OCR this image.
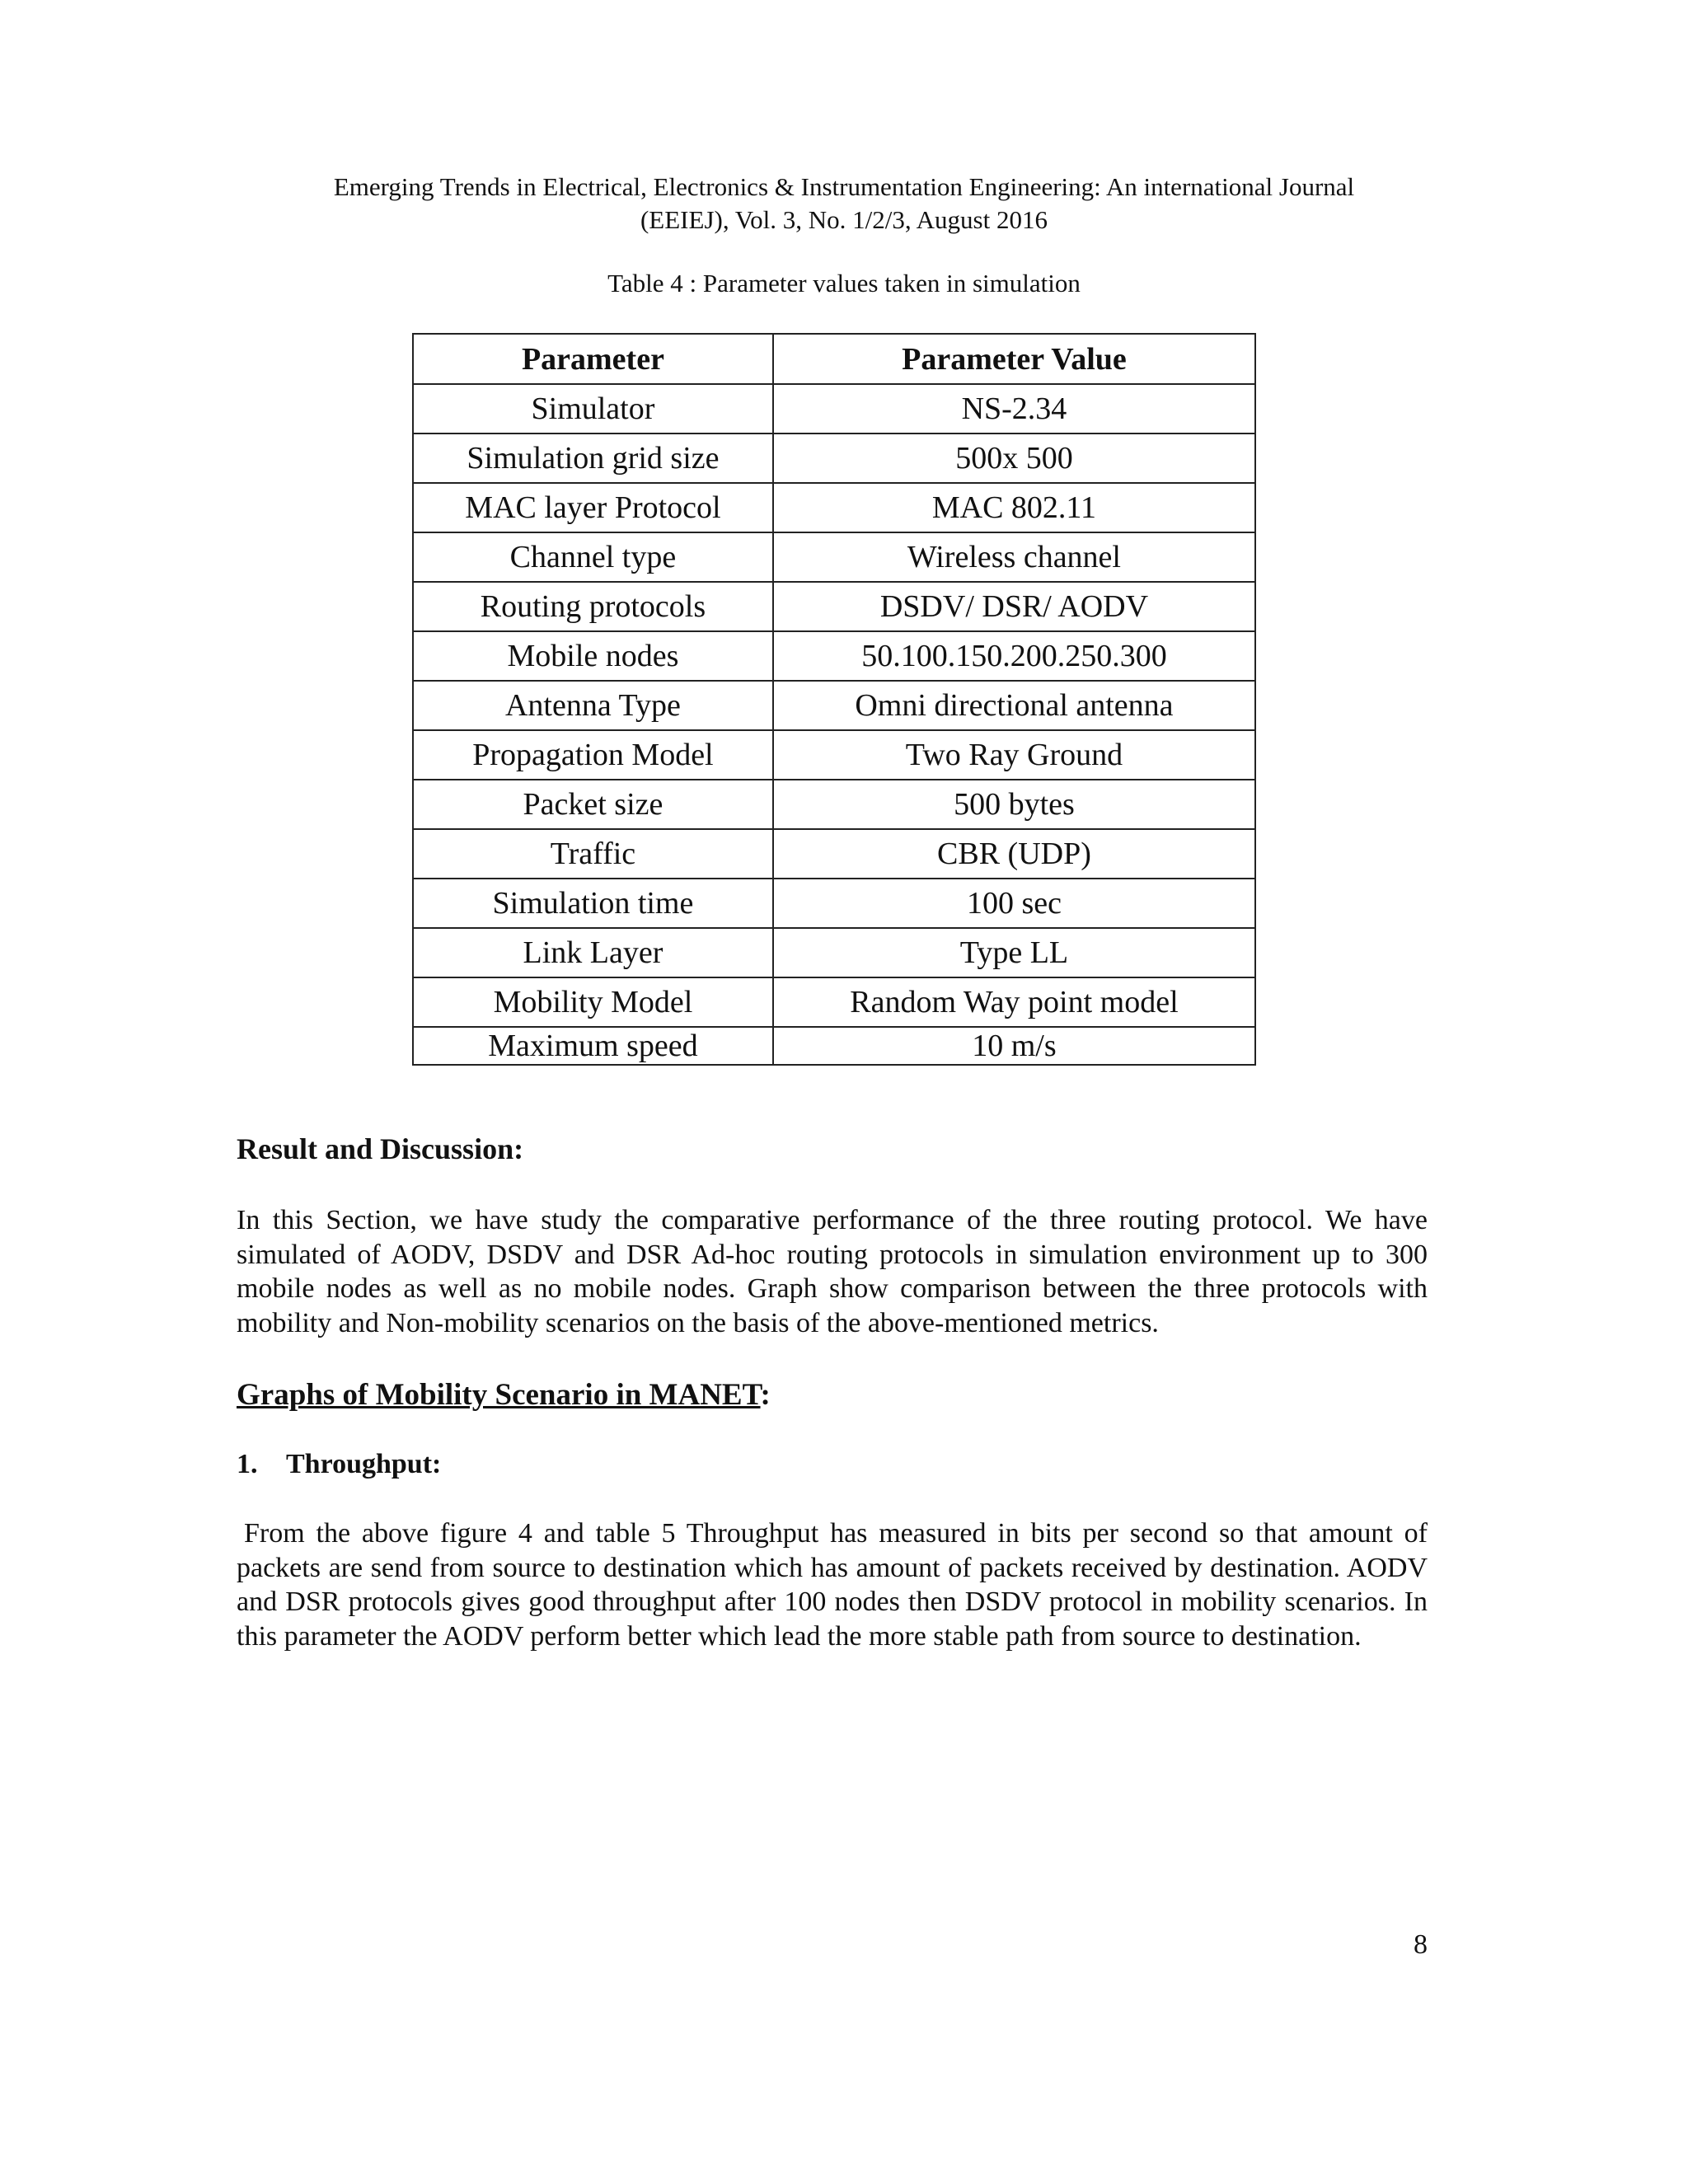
Emerging Trends in Electrical, Electronics & Instrumentation Engineering: An international Journal
(EEIEJ), Vol. 3, No. 1/2/3, August 2016
Table 4 : Parameter values taken in simulation
Parameter	Parameter Value
Simulator	NS-2.34
Simulation grid size	500x 500
MAC layer Protocol	MAC 802.11
Channel type	Wireless channel
Routing protocols	DSDV/ DSR/ AODV
Mobile nodes	50.100.150.200.250.300
Antenna Type	Omni directional antenna
Propagation Model	Two Ray Ground
Packet size	500 bytes
Traffic	CBR (UDP)
Simulation time	100 sec
Link Layer	Type LL
Mobility Model	Random Way point model
Maximum speed	10 m/s
Result and Discussion:

In this Section, we have study the comparative performance of the three routing protocol. We have simulated of AODV, DSDV and DSR Ad-hoc routing protocols in simulation environment up to 300 mobile nodes as well as no mobile nodes. Graph show comparison between the three protocols with mobility and Non-mobility scenarios on the basis of the above-mentioned metrics.

Graphs of Mobility Scenario in MANET:
1. Throughput:

From the above figure 4 and table 5 Throughput has measured in bits per second so that amount of packets are send from source to destination which has amount of packets received by destination. AODV and DSR protocols gives good throughput after 100 nodes then DSDV protocol in mobility scenarios. In this parameter the AODV perform better which lead the more stable path from source to destination.

8
